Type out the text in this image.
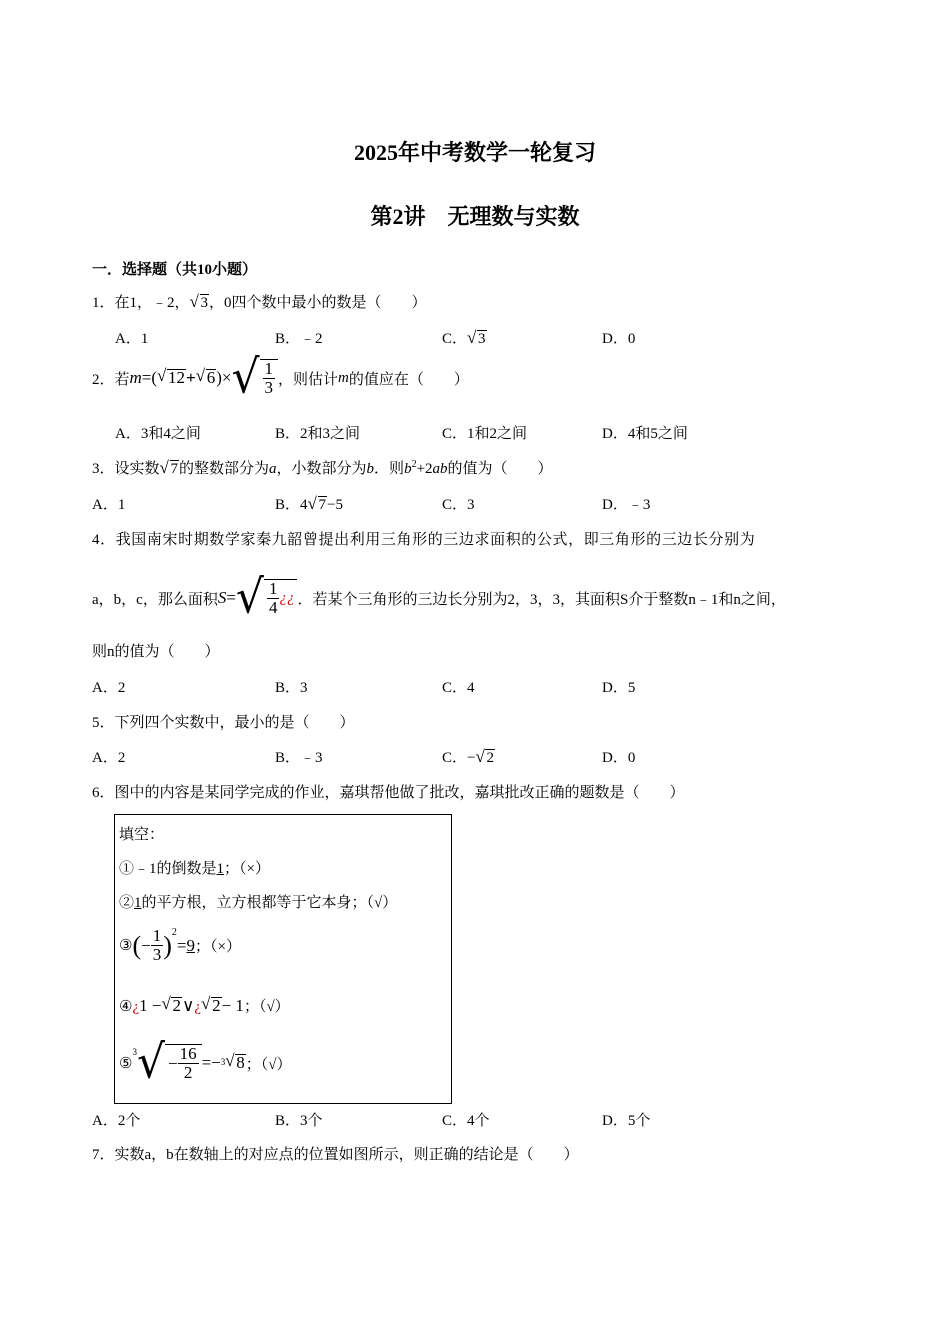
2025年中考数学一轮复习
第2讲　无理数与实数
一．选择题（共10小题）
1．在1，﹣2， √ 3，0四个数中最小的数是（　　）
A．1	B．﹣2	C． √ 3	D．0
2．若 m =( √ 12 + √ 6 )× √ $\frac{1}{3}$ ，则估计 m 的值应在（　　）
A．3和4之间	B．2和3之间	C．1和2之间	D．4和5之间
3．设实数 √ 7的整数部分为a，小数部分为b．则$b^2+2ab$的值为（　　）
A．1	B．4 √ 7−5	C．3	D．﹣3
4．我国南宋时期数学家秦九韶曾提出利用三角形的三边求面积的公式，即三角形的三边长分别为
a，b，c，那么面积 S = √ $\frac{1}{4}$ ¿¿ ．若某个三角形的三边长分别为2，3，3，其面积S介于整数n﹣1和n之间，
则n的值为（　　）
A．2	B．3	C．4	D．5
5．下列四个实数中，最小的是（　　）
A．2	B．﹣3	C．− √ 2	D．0
6．图中的内容是某同学完成的作业，嘉琪帮他做了批改，嘉琪批改正确的题数是（　　）
填空：
①﹣1的倒数是1；（×）
②1的平方根，立方根都等于它本身；（√）
③ ( − $\frac{1}{3}$ ) 2
= 9 ；（×）
④¿1 − √ 2∨¿ √ 2− 1；（√）
⑤
3 √ − $\frac{16}{2} =- 3$ √ 8 ；（√）
A．2个	B．3个	C．4个	D．5个
7．实数a，b在数轴上的对应点的位置如图所示，则正确的结论是（　　）
